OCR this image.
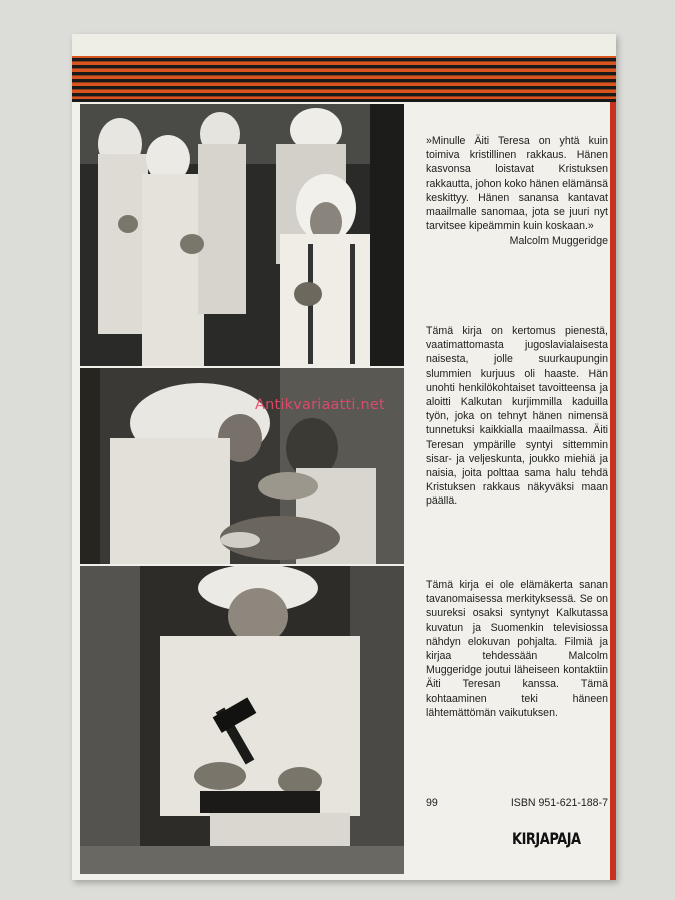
»Minulle Äiti Teresa on yhtä kuin toimiva kristillinen rakkaus. Hänen kasvonsa loistavat Kristuksen rakkautta, johon koko hänen elämänsä keskittyy. Hänen sanansa kantavat maailmalle sanomaa, jota se juuri nyt tarvitsee kipeämmin kuin koskaan.»

Malcolm Muggeridge

Tämä kirja on kertomus pienestä, vaatimattomasta jugoslavialaisesta naisesta, jolle suurkaupungin slummien kurjuus oli haaste. Hän unohti henkilökohtaiset tavoitteensa ja aloitti Kalkutan kurjimmilla kaduilla työn, joka on tehnyt hänen nimensä tunnetuksi kaikkialla maailmassa. Äiti Teresan ympärille syntyi sittemmin sisar- ja veljeskunta, joukko miehiä ja naisia, joita polttaa sama halu tehdä Kristuksen rakkaus näkyväksi maan päällä.

Tämä kirja ei ole elämäkerta sanan tavanomaisessa merkityksessä. Se on suureksi osaksi syntynyt Kalkutassa kuvatun ja Suomenkin televisiossa nähdyn elokuvan pohjalta. Filmiä ja kirjaa tehdessään Malcolm Muggeridge joutui läheiseen kontaktiin Äiti Teresan kanssa. Tämä kohtaaminen teki häneen lähtemättömän vaikutuksen.

99	ISBN 951-621-188-7
KIRJAPAJA
Antikvariaatti.net
